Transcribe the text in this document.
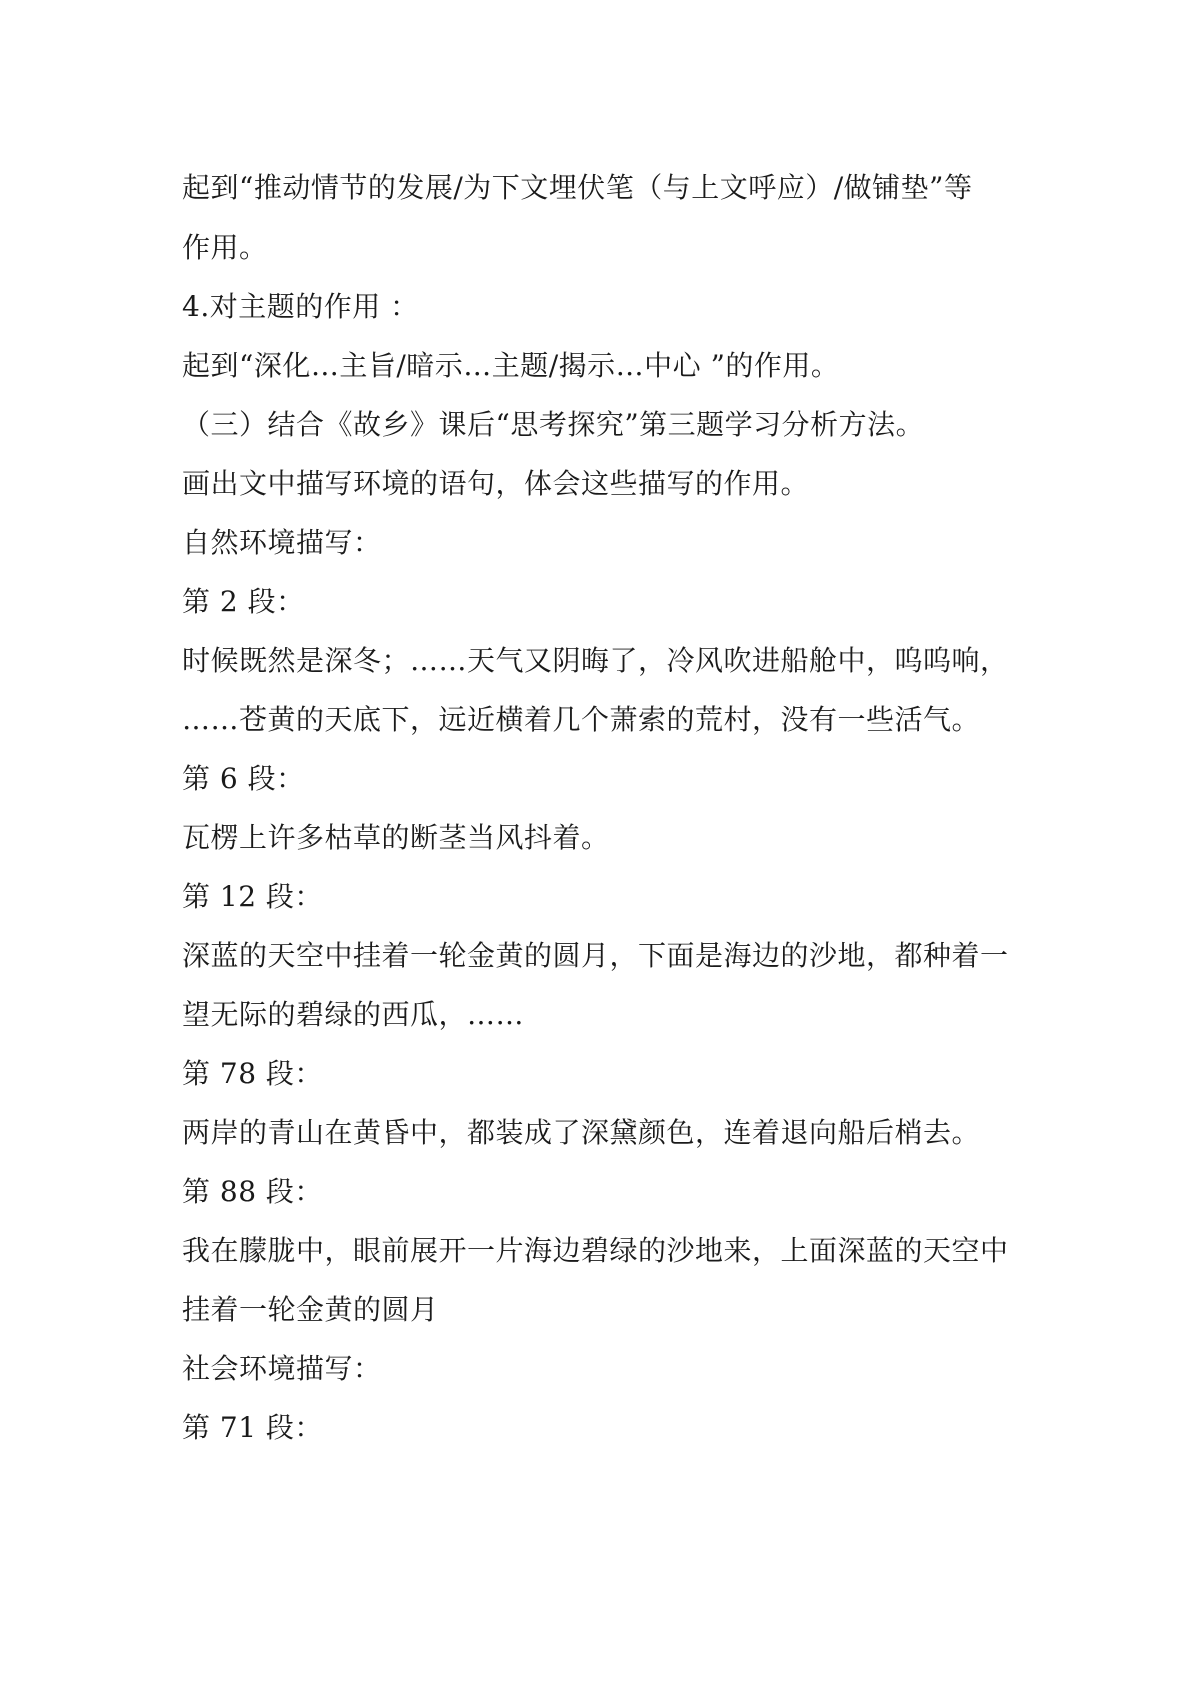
起到“推动情节的发展/为下文埋伏笔（与上文呼应）/做铺垫”等
作用。
4.对主题的作用 ：
起到“深化…主旨/暗示…主题/揭示…中心 ”的作用。
（三）结合《故乡》课后“思考探究”第三题学习分析方法。
画出文中描写环境的语句，体会这些描写的作用。
自然环境描写：
第 2 段：
时候既然是深冬；……天气又阴晦了，冷风吹进船舱中，呜呜响，
……苍黄的天底下，远近横着几个萧索的荒村，没有一些活气。
第 6 段：
瓦楞上许多枯草的断茎当风抖着。
第 12 段：
深蓝的天空中挂着一轮金黄的圆月，下面是海边的沙地，都种着一
望无际的碧绿的西瓜，……
第 78 段：
两岸的青山在黄昏中，都装成了深黛颜色，连着退向船后梢去。
第 88 段：
我在朦胧中，眼前展开一片海边碧绿的沙地来，上面深蓝的天空中
挂着一轮金黄的圆月
社会环境描写：
第 71 段：
